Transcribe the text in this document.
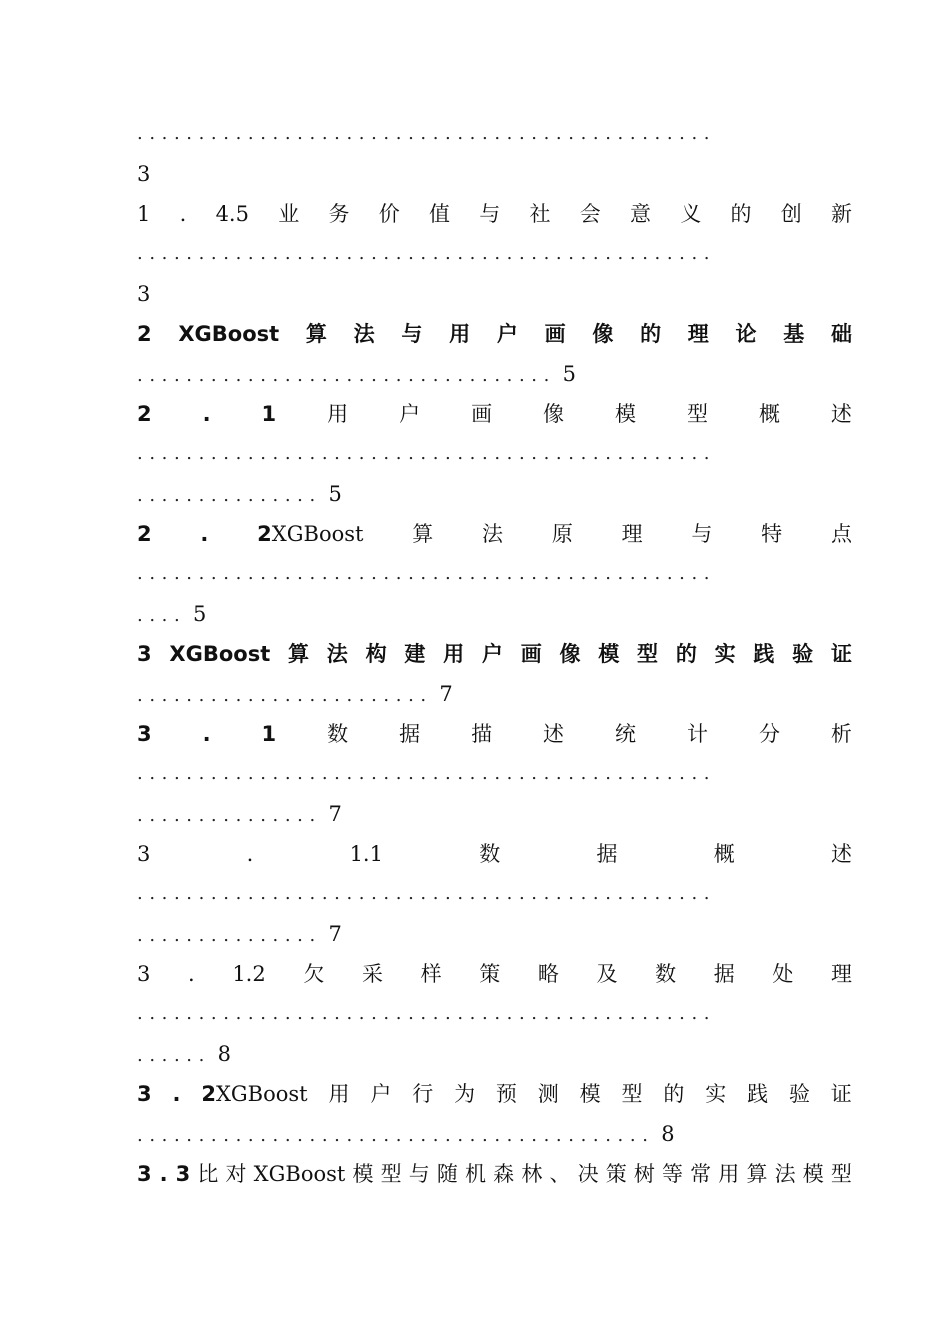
...............................................
3
1 . 4.5 业 务 价 值 与 社 会 意 义 的 创 新
...............................................
3
2 XGBoost 算 法 与 用 户 画 像 的 理 论 基 础
.................................. 5
2 . 1 用 户 画 像 模 型 概 述
...............................................
............... 5
2 . 2XGBoost 算 法 原 理 与 特 点
...............................................
.... 5
3 XGBoost 算 法 构 建 用 户 画 像 模 型 的 实 践 验 证
........................ 7
3 . 1 数 据 描 述 统 计 分 析
...............................................
............... 7
3	.	1.1	数	据	概	述
...............................................
............... 7
3 . 1.2 欠 采 样 策 略 及 数 据 处 理
...............................................
...... 8
3 . 2XGBoost 用 户 行 为 预 测 模 型 的 实 践 验 证
.......................................... 8
3 . 3 比 对 XGBoost 模 型 与 随 机 森 林 、 决 策 树 等 常 用 算 法 模 型
